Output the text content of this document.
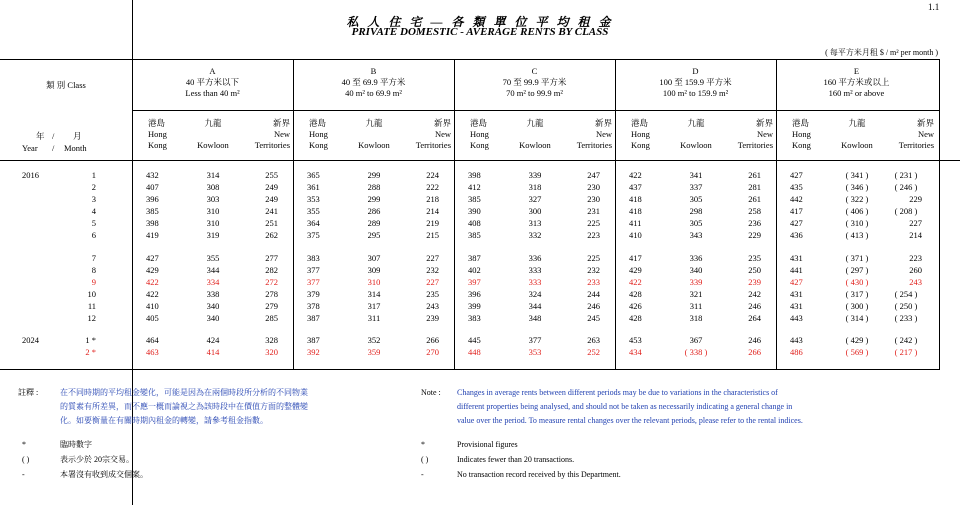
1.1
私 人 住 宅 — 各 類 單 位 平 均 租 金
PRIVATE DOMESTIC - AVERAGE RENTS BY CLASS
( 每平方米月租 $ / m² per month )
類 別 Class
年 / 月
Year / Month
A
40 平方米以下
Less than 40 m²
B
40 至 69.9 平方米
40 m² to 69.9 m²
C
70 至 99.9 平方米
70 m² to 99.9 m²
D
100 至 159.9 平方米
100 m² to 159.9 m²
E
160 平方米或以上
160 m² or above
港島
Hong
Kong
九龍
Kowloon
新界
New
Territories
港島
Hong
Kong
九龍
Kowloon
新界
New
Territories
港島
Hong
Kong
九龍
Kowloon
新界
New
Territories
港島
Hong
Kong
九龍
Kowloon
新界
New
Territories
港島
Hong
Kong
九龍
Kowloon
新界
New
Territories
2016	1	432	314	255	365	299	224	398	339	247	422	341	261	427	( 341 )	( 231 )
2	407	308	249	361	288	222	412	318	230	437	337	281	435	( 346 )	( 246 )
3	396	303	249	353	299	218	385	327	230	418	305	261	442	( 322 )	229
4	385	310	241	355	286	214	390	300	231	418	298	258	417	( 406 )	( 208 )
5	398	310	251	364	289	219	408	313	225	411	305	236	427	( 310 )	227
6	419	319	262	375	295	215	385	332	223	410	343	229	436	( 413 )	214
7	427	355	277	383	307	227	387	336	225	417	336	235	431	( 371 )	223
8	429	344	282	377	309	232	402	333	232	429	340	250	441	( 297 )	260
9	422	334	272	377	310	227	397	333	233	422	339	239	427	( 430 )	243
10	422	338	278	379	314	235	396	324	244	428	321	242	431	( 317 )	( 254 )
11	410	340	279	378	317	243	399	344	246	426	311	246	431	( 300 )	( 250 )
12	405	340	285	387	311	239	383	348	245	428	318	264	443	( 314 )	( 233 )
2024	1 *	464	424	328	387	352	266	445	377	263	453	367	246	443	( 429 )	( 242 )
2 *	463	414	320	392	359	270	448	353	252	434	( 338 )	266	486	( 569 )	( 217 )
註釋 :	在不同時期的平均租金變化，可能是因為在兩個時段所分析的不同物業
的質素有所差異，而不應一概而論視之為該時段中在價值方面的整體變
化。如要衡量在有關時期內租金的轉變，請參考租金指數。
Note : Changes in average rents between different periods may be due to variations in the characteristics of
different properties being analysed, and should not be taken as necessarily indicating a general change in
value over the period. To measure rental changes over the relevant periods, please refer to the rental indices.
*	臨時數字	*	Provisional figures
( )	表示少於 20宗交易。	( )	Indicates fewer than 20 transactions.
-	本署沒有收到成交個案。	-	No transaction record received by this Department.
